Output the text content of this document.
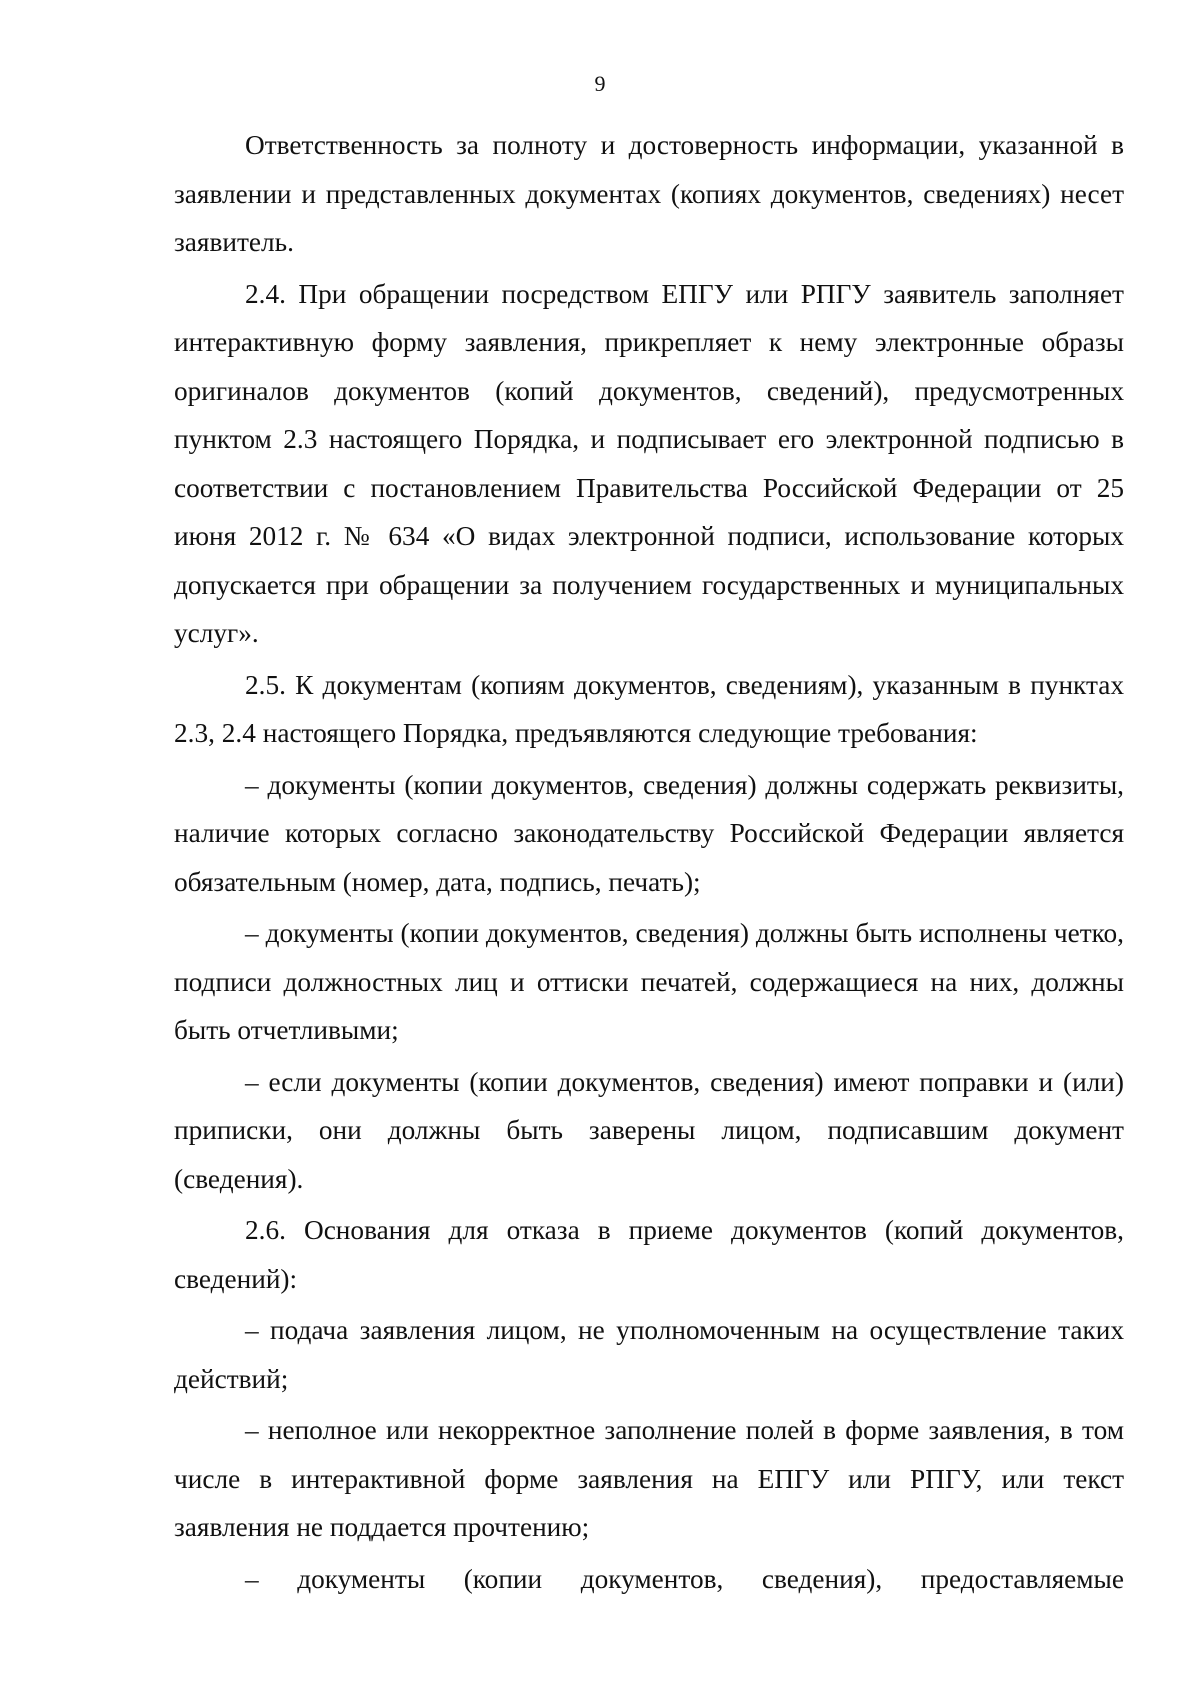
9

Ответственность за полноту и достоверность информации, указанной в заявлении и представленных документах (копиях документов, сведениях) несет заявитель.

2.4. При обращении посредством ЕПГУ или РПГУ заявитель заполняет интерактивную форму заявления, прикрепляет к нему электронные образы оригиналов документов (копий документов, сведений), предусмотренных пунктом 2.3 настоящего Порядка, и подписывает его электронной подписью в соответствии с постановлением Правительства Российской Федерации от 25 июня 2012 г. № 634 «О видах электронной подписи, использование которых допускается при обращении за получением государственных и муниципальных услуг».

2.5. К документам (копиям документов, сведениям), указанным в пунктах 2.3, 2.4 настоящего Порядка, предъявляются следующие требования:

– документы (копии документов, сведения) должны содержать реквизиты, наличие которых согласно законодательству Российской Федерации является обязательным (номер, дата, подпись, печать);

– документы (копии документов, сведения) должны быть исполнены четко, подписи должностных лиц и оттиски печатей, содержащиеся на них, должны быть отчетливыми;

– если документы (копии документов, сведения) имеют поправки и (или) приписки, они должны быть заверены лицом, подписавшим документ (сведения).

2.6. Основания для отказа в приеме документов (копий документов, сведений):

– подача заявления лицом, не уполномоченным на осуществление таких действий;

– неполное или некорректное заполнение полей в форме заявления, в том числе в интерактивной форме заявления на ЕПГУ или РПГУ, или текст заявления не поддается прочтению;

– документы (копии документов, сведения), предоставляемые
